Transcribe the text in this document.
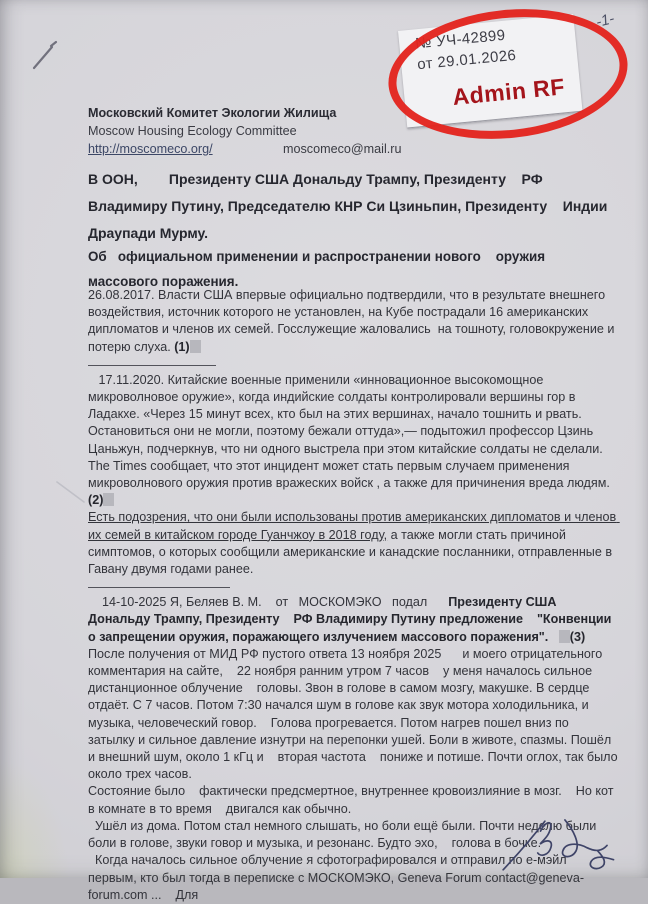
-1-
№ УЧ-42899
от 29.01.2026
Admin RF
Московский Комитет Экологии Жилища
Moscow Housing Ecology Committee
http://moscomeco.org/	moscomeco@mail.ru
В ООН,        Президенту США Дональду Трампу, Президенту    РФ Владимиру Путину, Председателю КНР Си Цзиньпин, Президенту    Индии Драупади Мурму.
Об   официальном применении и распространении нового    оружия массового поражения.

26.08.2017. Власти США впервые официально подтвердили, что в результате внешнего воздействия, источник которого не установлен, на Кубе пострадали 16 американских дипломатов и членов их семей. Госслужещие жаловались  на тошноту, головокружение и потерю слуха. (1)

17.11.2020. Китайские военные применили «инновационное высокомощное микроволновое оружие», когда индийские солдаты контролировали вершины гор в Ладакхе. «Через 15 минут всех, кто был на этих вершинах, начало тошнить и рвать. Остановиться они не могли, поэтому бежали оттуда»,— подытожил профессор Цзинь Цаньжун, подчеркнув, что ни одного выстрела при этом китайские солдаты не сделали.

The Times сообщает, что этот инцидент может стать первым случаем применения микроволнового оружия против вражеских войск , а также для причинения вреда людям.

(2)

Есть подозрения, что они были использованы против американских дипломатов и членов их семей в китайском городе Гуанчжоу в 2018 году, а также могли стать причиной симптомов, о которых сообщили американские и канадские посланники, отправленные в Гавану двумя годами ранее.

14-10-2025 Я, Беляев В. М.    от   МОСКОМЭКО   подал      Президенту США Дональду Трампу, Президенту    РФ Владимиру Путину предложение    "Конвенции о запрещении оружия, поражающего излучением массового поражения".   (3)

После получения от МИД РФ пустого ответа 13 ноября 2025      и моего отрицательного комментария на сайте,    22 ноября ранним утром 7 часов    у меня началось сильное дистанционное облучение    головы. Звон в голове в самом мозгу, макушке. В сердце отдаёт. С 7 часов. Потом 7:30 начался шум в голове как звук мотора холодильника, и музыка, человеческий говор.    Голова прогревается. Потом нагрев пошел вниз по затылку и сильное давление изнутри на перепонки ушей. Боли в животе, спазмы. Пошёл и внешний шум, около 1 кГц и    вторая частота    пониже и потише. Почти оглох, так было около трех часов.

Состояние было    фактически предсмертное, внутреннее кровоизлияние в мозг.    Но кот в комнате в то время    двигался как обычно.

Ушёл из дома. Потом стал немного слышать, но боли ещё были. Почти неделю были    боли в голове, звуки говор и музыка, и резонанс. Будто эхо,    голова в бочке.

Когда началось сильное облучение я сфотографировался и отправил по е-мэйл первым, кто был тогда в переписке с МОСКОМЭКО, Geneva Forum contact@geneva-forum.com ...    Для
